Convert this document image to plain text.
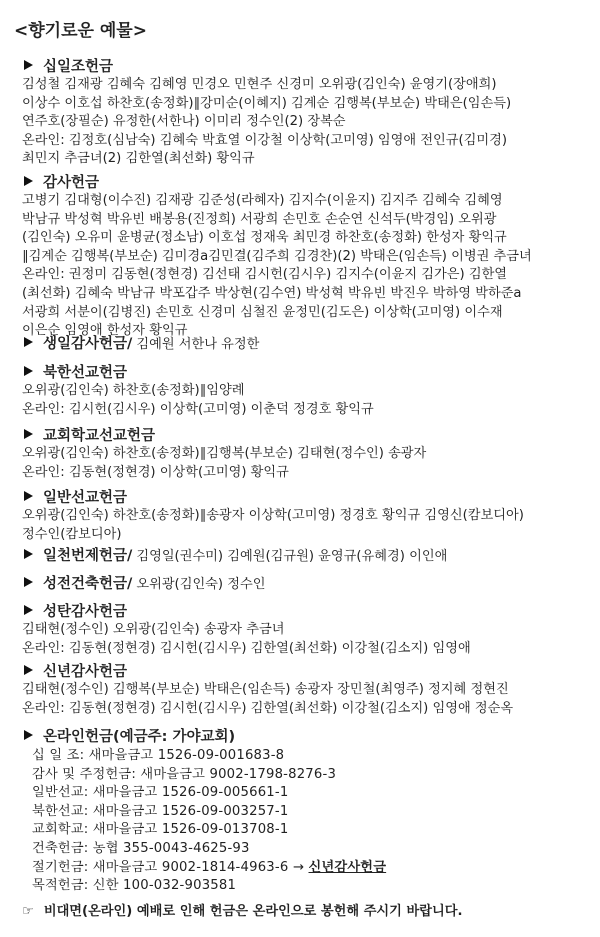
<향기로운 예물>
십일조헌금
김성철 김재광 김혜숙 김혜영 민경오 민현주 신경미 오위광(김인숙) 윤영기(장애희)
이상수 이호섭 하찬호(송정화)∥강미순(이혜지) 김계순 김행복(부보순) 박태은(임손득)
연주호(장필순) 유정한(서한나) 이미리 정수인(2) 장복순
온라인: 김정호(심남숙) 김혜숙 박효열 이강철 이상학(고미영) 임영애 전인규(김미경)
최민지 추금녀(2) 김한열(최선화) 황익규
감사헌금
고병기 김대형(이수진) 김재광 김준성(라혜자) 김지수(이윤지) 김지주 김혜숙 김혜영
박남규 박성혁 박유빈 배봉용(진정희) 서광희 손민호 손순연 신석두(박경임) 오위광
(김인숙) 오유미 윤병균(정소남) 이호섭 정재욱 최민경 하찬호(송정화) 한성자 황익규
∥김계순 김행복(부보순) 김미경a김민결(김주희 김경찬)(2) 박태은(임손득) 이병권 추금녀
온라인: 권정미 김동현(정현경) 김선태 김시헌(김시우) 김지수(이윤지 김가은) 김한열
(최선화) 김혜숙 박남규 박포갑주 박상현(김수연) 박성혁 박유빈 박진우 박하영 박하준a
서광희 서분이(김병진) 손민호 신경미 심철진 윤정민(김도은) 이상학(고미영) 이수재
이은순 임영애 한성자 황익규
생일감사헌금/ 김예원 서한나 유정한
북한선교헌금
오위광(김인숙) 하찬호(송정화)∥임양례
온라인: 김시헌(김시우) 이상학(고미영) 이춘덕 정경호 황익규
교회학교선교헌금
오위광(김인숙) 하찬호(송정화)∥김행복(부보순) 김태현(정수인) 송광자
온라인: 김동현(정현경) 이상학(고미영) 황익규
일반선교헌금
오위광(김인숙) 하찬호(송정화)∥송광자 이상학(고미영) 정경호 황익규 김영신(캄보디아)
정수인(캄보디아)
일천번제헌금/ 김영일(권수미) 김예원(김규원) 윤영규(유혜경) 이인애
성전건축헌금/ 오위광(김인숙) 정수인
성탄감사헌금
김태현(정수인) 오위광(김인숙) 송광자 추금녀
온라인: 김동현(정현경) 김시헌(김시우) 김한열(최선화) 이강철(김소지) 임영애
신년감사헌금
김태현(정수인) 김행복(부보순) 박태은(임손득) 송광자 장민철(최영주) 정지혜 정현진
온라인: 김동현(정현경) 김시헌(김시우) 김한열(최선화) 이강철(김소지) 임영애 정순옥
온라인헌금(예금주: 가야교회)
십 일 조: 새마을금고 1526-09-001683-8
감사 및 주정헌금: 새마을금고 9002-1798-8276-3
일반선교: 새마을금고 1526-09-005661-1
북한선교: 새마을금고 1526-09-003257-1
교회학교: 새마을금고 1526-09-013708-1
건축헌금: 농협 355-0043-4625-93
절기헌금: 새마을금고 9002-1814-4963-6 → 신년감사헌금
목적헌금: 신한 100-032-903581
☞ 비대면(온라인) 예배로 인해 헌금은 온라인으로 봉헌해 주시기 바랍니다.
